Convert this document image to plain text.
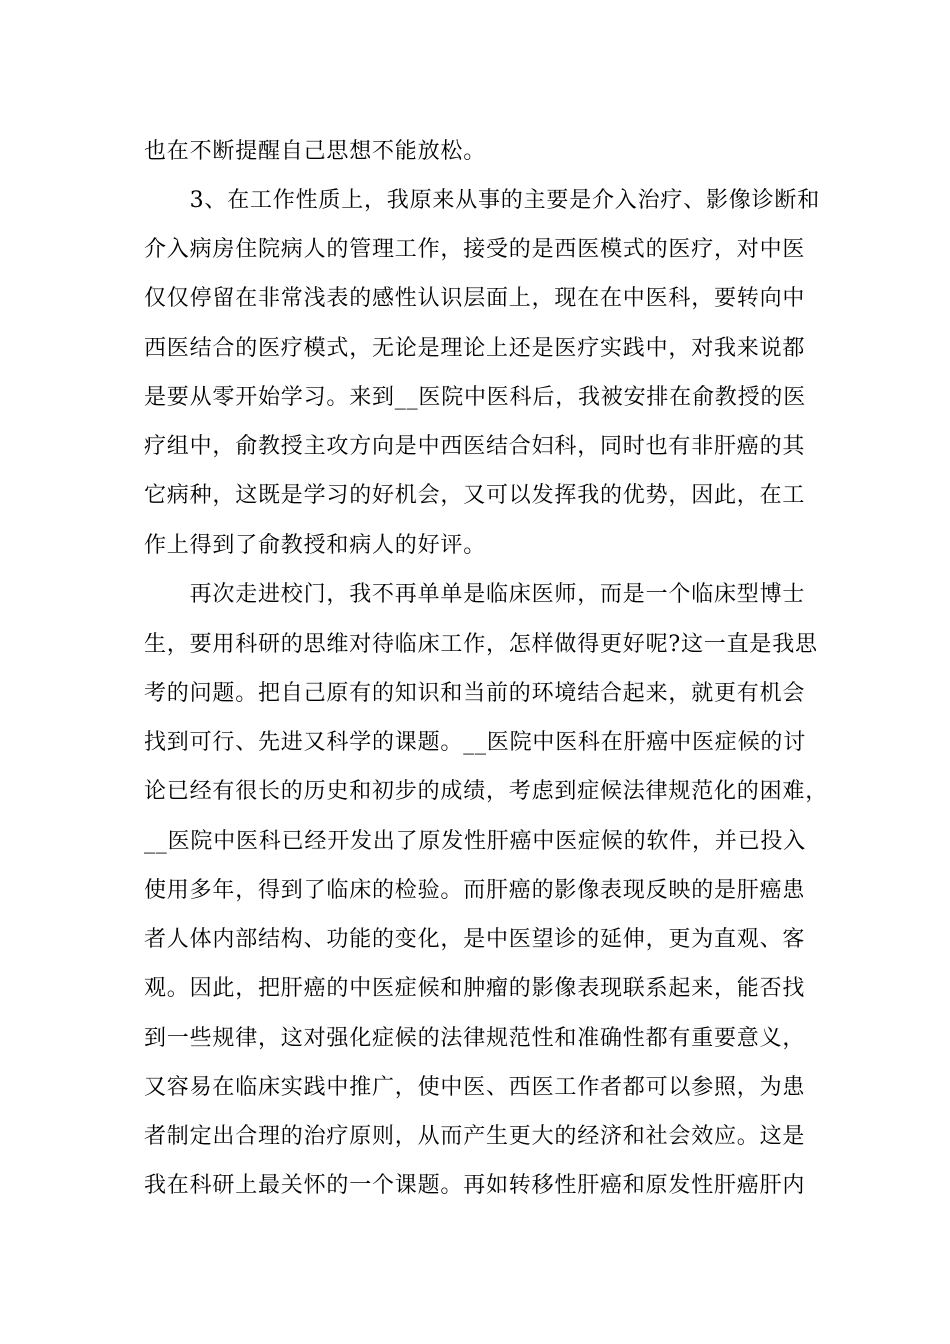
也在不断提醒自己思想不能放松。
　　3、在工作性质上，我原来从事的主要是介入治疗、影像诊断和
介入病房住院病人的管理工作，接受的是西医模式的医疗，对中医
仅仅停留在非常浅表的感性认识层面上，现在在中医科，要转向中
西医结合的医疗模式，无论是理论上还是医疗实践中，对我来说都
是要从零开始学习。来到__医院中医科后，我被安排在俞教授的医
疗组中，俞教授主攻方向是中西医结合妇科，同时也有非肝癌的其
它病种，这既是学习的好机会，又可以发挥我的优势，因此，在工
作上得到了俞教授和病人的好评。
　　再次走进校门，我不再单单是临床医师，而是一个临床型博士
生，要用科研的思维对待临床工作，怎样做得更好呢?这一直是我思
考的问题。把自己原有的知识和当前的环境结合起来，就更有机会
找到可行、先进又科学的课题。__医院中医科在肝癌中医症候的讨
论已经有很长的历史和初步的成绩，考虑到症候法律规范化的困难，
__医院中医科已经开发出了原发性肝癌中医症候的软件，并已投入
使用多年，得到了临床的检验。而肝癌的影像表现反映的是肝癌患
者人体内部结构、功能的变化，是中医望诊的延伸，更为直观、客
观。因此，把肝癌的中医症候和肿瘤的影像表现联系起来，能否找
到一些规律，这对强化症候的法律规范性和准确性都有重要意义，
又容易在临床实践中推广，使中医、西医工作者都可以参照，为患
者制定出合理的治疗原则，从而产生更大的经济和社会效应。这是
我在科研上最关怀的一个课题。再如转移性肝癌和原发性肝癌肝内
